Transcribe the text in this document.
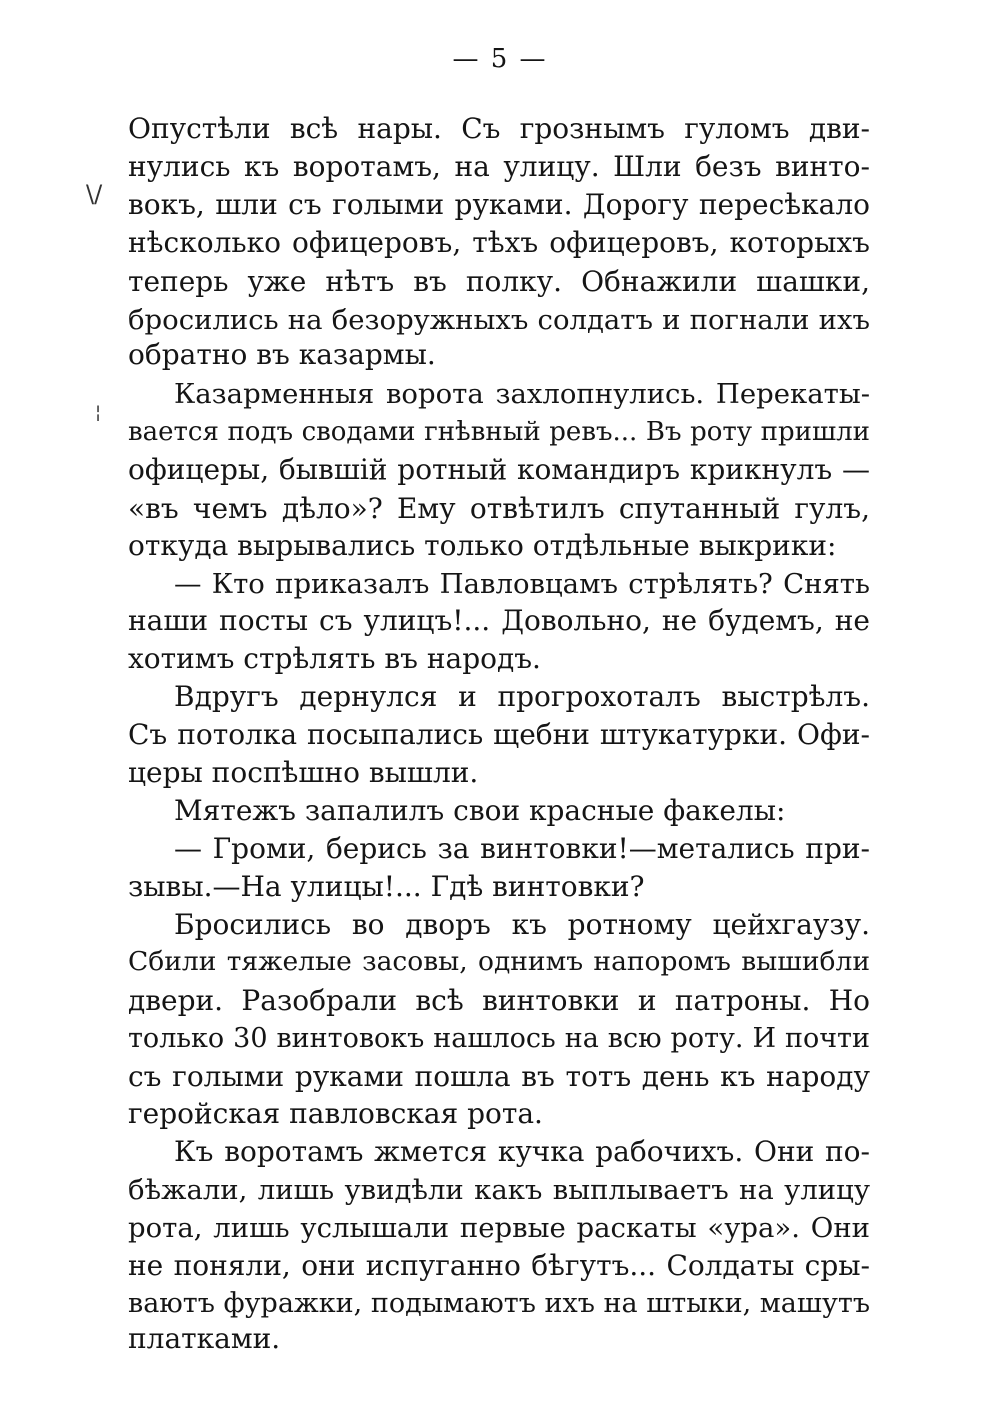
— 5 —
\/
¦
Опустѣли всѣ нары. Съ грознымъ гуломъ дви-
нулись къ воротамъ, на улицу. Шли безъ винто-
вокъ, шли съ голыми руками. Дорогу пересѣкало
нѣсколько офицеровъ, тѣхъ офицеровъ, которыхъ
теперь уже нѣтъ въ полку. Обнажили шашки,
бросились на безоружныхъ солдатъ и погнали ихъ
обратно въ казармы.
Казарменныя ворота захлопнулись. Перекаты-
вается подъ сводами гнѣвный ревъ... Въ роту пришли
офицеры, бывшій ротный командиръ крикнулъ —
«въ чемъ дѣло»? Ему отвѣтилъ спутанный гулъ,
откуда вырывались только отдѣльные выкрики:
— Кто приказалъ Павловцамъ стрѣлять? Снять
наши посты съ улицъ!... Довольно, не будемъ, не
хотимъ стрѣлять въ народъ.
Вдругъ дернулся и прогрохоталъ выстрѣлъ.
Съ потолка посыпались щебни штукатурки. Офи-
церы поспѣшно вышли.
Мятежъ запалилъ свои красные факелы:
— Громи, берись за винтовки!—метались при-
зывы.—На улицы!... Гдѣ винтовки?
Бросились во дворъ къ ротному цейхгаузу.
Сбили тяжелые засовы, однимъ напоромъ вышибли
двери. Разобрали всѣ винтовки и патроны. Но
только 30 винтовокъ нашлось на всю роту. И почти
съ голыми руками пошла въ тотъ день къ народу
геройская павловская рота.
Къ воротамъ жмется кучка рабочихъ. Они по-
бѣжали, лишь увидѣли какъ выплываетъ на улицу
рота, лишь услышали первые раскаты «ура». Они
не поняли, они испуганно бѣгутъ... Солдаты сры-
ваютъ фуражки, подымаютъ ихъ на штыки, машутъ
платками.
